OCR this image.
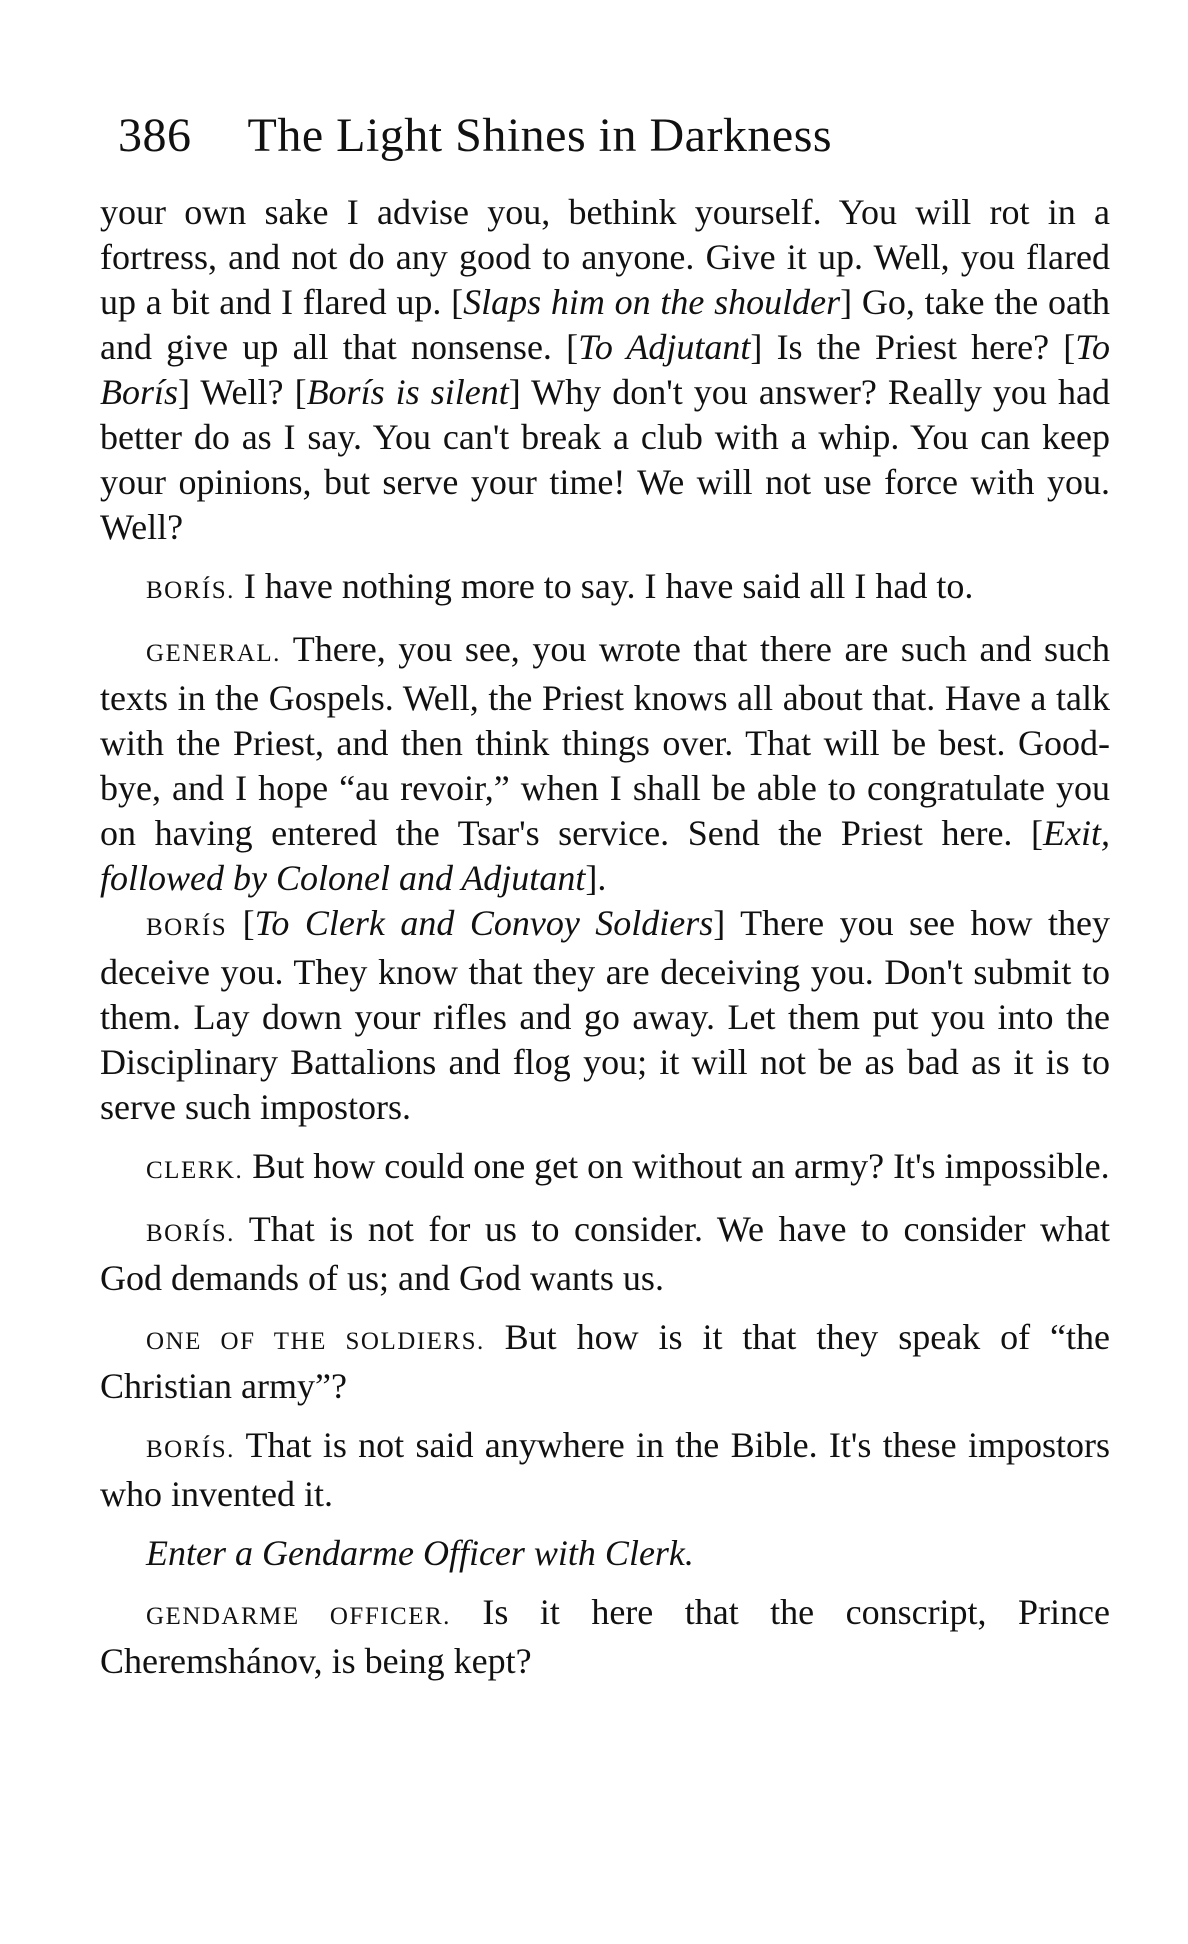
386 The Light Shines in Darkness

your own sake I advise you, bethink yourself. You will rot in a fortress, and not do any good to anyone. Give it up. Well, you flared up a bit and I flared up. [Slaps him on the shoulder] Go, take the oath and give up all that nonsense. [To Adjutant] Is the Priest here? [To Borís] Well? [Borís is silent] Why don't you answer? Really you had better do as I say. You can't break a club with a whip. You can keep your opinions, but serve your time! We will not use force with you. Well?

BORÍS. I have nothing more to say. I have said all I had to.

GENERAL. There, you see, you wrote that there are such and such texts in the Gospels. Well, the Priest knows all about that. Have a talk with the Priest, and then think things over. That will be best. Good-bye, and I hope “au revoir,” when I shall be able to congratulate you on having entered the Tsar's service. Send the Priest here. [Exit, followed by Colonel and Adjutant].

BORÍS [To Clerk and Convoy Soldiers] There you see how they deceive you. They know that they are deceiving you. Don't submit to them. Lay down your rifles and go away. Let them put you into the Disciplinary Battalions and flog you; it will not be as bad as it is to serve such impostors.

CLERK. But how could one get on without an army? It's impossible.

BORÍS. That is not for us to consider. We have to consider what God demands of us; and God wants us.

ONE OF THE SOLDIERS. But how is it that they speak of “the Christian army”?

BORÍS. That is not said anywhere in the Bible. It's these impostors who invented it.

Enter a Gendarme Officer with Clerk.

GENDARME OFFICER. Is it here that the conscript, Prince Cheremshánov, is being kept?
